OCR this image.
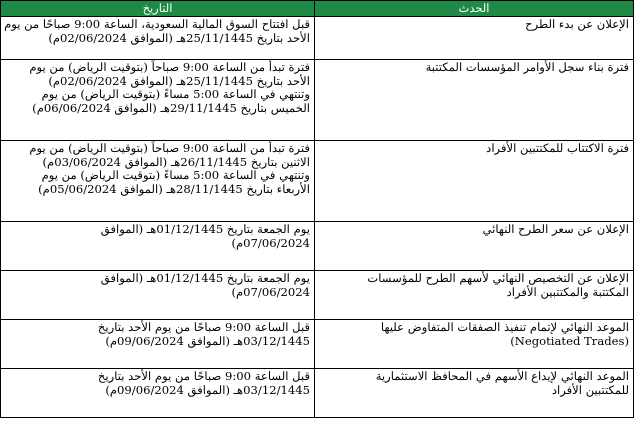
الحدث	التاريخ

الإعلان عن بدء الطرح	قبل افتتاح السوق المالية السعودية، الساعة 9:00 صباحًا من يوم
الأحد بتاريخ 25/11/1445هـ (الموافق 02/06/2024م)

فترة بناء سجل الأوامر المؤسسات المكتتبة	فترة تبدأ من الساعة 9:00 صباحاً (بتوقيت الرياض) من يوم
الأحد بتاريخ 25/11/1445هـ (الموافق 02/06/2024م)
وتنتهي في الساعة 5:00 مساءً (بتوقيت الرياض) من يوم
الخميس بتاريخ 29/11/1445هـ (الموافق 06/06/2024م)

فترة الاكتتاب للمكتتبين الأفراد	فترة تبدأ من الساعة 9:00 صباحاً (بتوقيت الرياض) من يوم
الاثنين بتاريخ 26/11/1445هـ (الموافق 03/06/2024م)
وتنتهي في الساعة 5:00 مساءً (بتوقيت الرياض) من يوم
الأربعاء بتاريخ 28/11/1445هـ (الموافق 05/06/2024م)

الإعلان عن سعر الطرح النهائي	يوم الجمعة بتاريخ 01/12/1445هـ (الموافق
07/06/2024م)

الإعلان عن التخصيص النهائي لأسهم الطرح للمؤسسات
المكتتبة والمكتتبين الأفراد	يوم الجمعة بتاريخ 01/12/1445هـ (الموافق
07/06/2024م)

الموعد النهائي لإتمام تنفيذ الصفقات المتفاوض عليها
(Negotiated Trades)	قبل الساعة 9:00 صباحًا من يوم الأحد بتاريخ
03/12/1445هـ (الموافق 09/06/2024م)

الموعد النهائي لإيداع الأسهم في المحافظ الاستثمارية
للمكتتبين الأفراد	قبل الساعة 9:00 صباحًا من يوم الأحد بتاريخ
03/12/1445هـ (الموافق 09/06/2024م)
